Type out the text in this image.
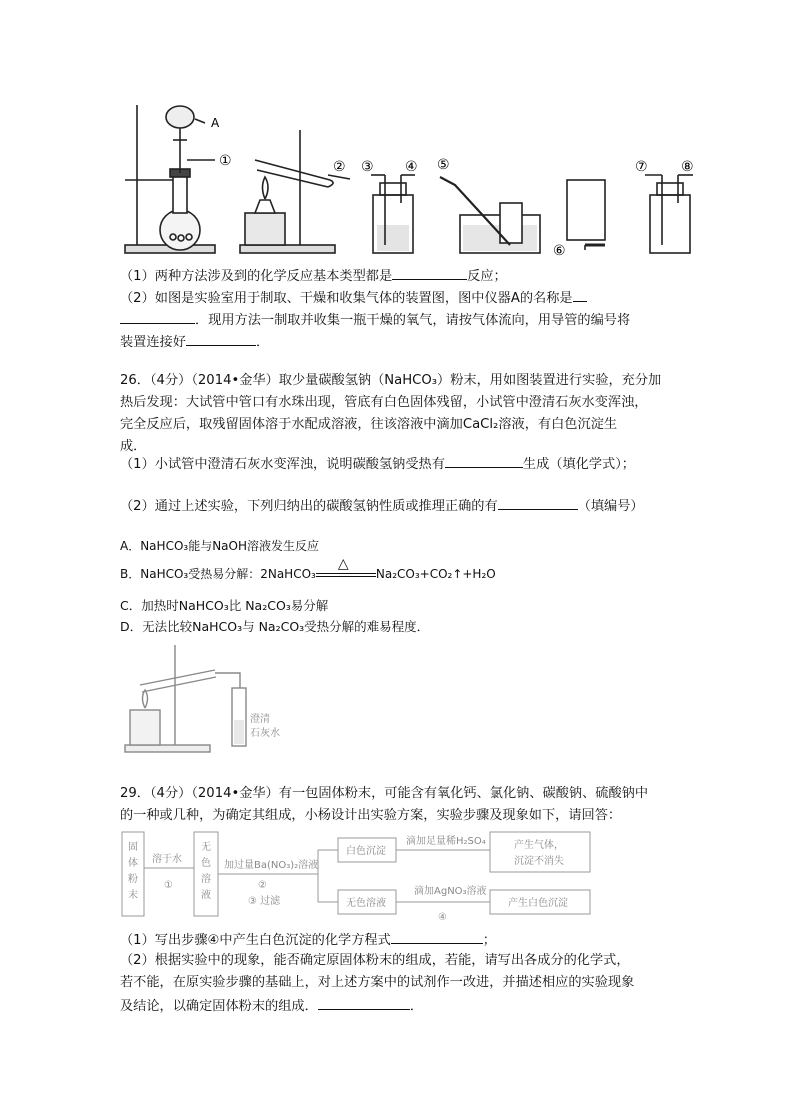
A
①	② ③ ④ ⑤
⑥
⑦ ⑧
（1）两种方法涉及到的化学反应基本类型都是	反应；
（2）如图是实验室用于制取、干燥和收集气体的装置图，图中仪器A的名称是
．现用方法一制取并收集一瓶干燥的氧气，请按气体流向，用导管的编号将
装置连接好	．
26．（4分）（2014•金华）取少量碳酸氢钠（NaHCO₃）粉末，用如图装置进行实验，充分加
热后发现：大试管中管口有水珠出现，管底有白色固体残留，小试管中澄清石灰水变浑浊，
完全反应后，取残留固体溶于水配成溶液，往该溶液中滴加CaCl₂溶液，有白色沉淀生
成．
（1）小试管中澄清石灰水变浑浊，说明碳酸氢钠受热有	生成（填化学式）；
（2）通过上述实验，下列归纳出的碳酸氢钠性质或推理正确的有	（填编号）
A．NaHCO₃能与NaOH溶液发生反应
B．NaHCO₃受热易分解：2NaHCO₃
△
Na₂CO₃+CO₂↑+H₂O
C．加热时NaHCO₃比 Na₂CO₃易分解
D．无法比较NaHCO₃与 Na₂CO₃受热分解的难易程度．
澄清
石灰水
29．（4分）（2014•金华）有一包固体粉末，可能含有氧化钙、氯化钠、碳酸钠、硫酸钠中
的一种或几种，为确定其组成，小杨设计出实验方案，实验步骤及现象如下，请回答：
固
体
粉
末
溶于水
①
无
色
溶
液
加过量Ba(NO₃)₂溶液
②
③ 过滤
白色沉淀
滴加足量稀H₂SO₄	产生气体，
沉淀不消失
无色溶液
滴加AgNO₃溶液
④
产生白色沉淀
（1）写出步骤④中产生白色沉淀的化学方程式	；
（2）根据实验中的现象，能否确定原固体粉末的组成，若能，请写出各成分的化学式，
若不能，在原实验步骤的基础上，对上述方案中的试剂作一改进，并描述相应的实验现象
及结论，以确定固体粉末的组成．	．
